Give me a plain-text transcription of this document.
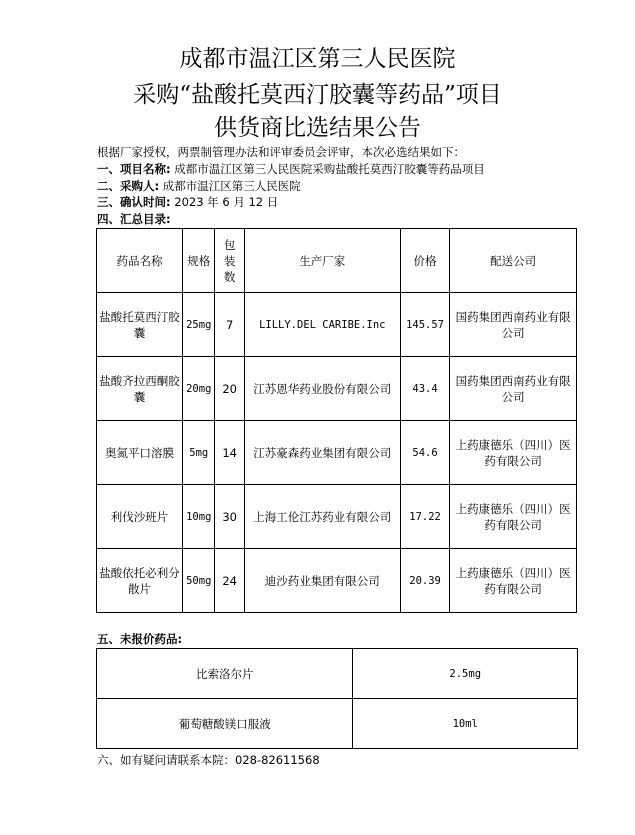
成都市温江区第三人民医院
采购“盐酸托莫西汀胶囊等药品”项目
供货商比选结果公告
根据厂家授权，两票制管理办法和评审委员会评审，本次必选结果如下：
一、项目名称: 成都市温江区第三人民医院采购盐酸托莫西汀胶囊等药品项目
二、采购人: 成都市温江区第三人民医院
三、确认时间: 2023 年 6 月 12 日
四、汇总目录:
药品名称	规格	包装数	生产厂家	价格	配送公司
盐酸托莫西汀胶囊	25mg	7	LILLY.DEL CARIBE.Inc	145.57	国药集团西南药业有限公司
盐酸齐拉西酮胶囊	20mg	20	江苏恩华药业股份有限公司	43.4	国药集团西南药业有限公司
奥氮平口溶膜	5mg	14	江苏豪森药业集团有限公司	54.6	上药康德乐（四川）医药有限公司
利伐沙班片	10mg	30	上海工伦江苏药业有限公司	17.22	上药康德乐（四川）医药有限公司
盐酸依托必利分散片	50mg	24	迪沙药业集团有限公司	20.39	上药康德乐（四川）医药有限公司
五、未报价药品:
比索洛尔片	2.5mg
葡萄糖酸镁口服液	10ml
六、如有疑问请联系本院：028-82611568
